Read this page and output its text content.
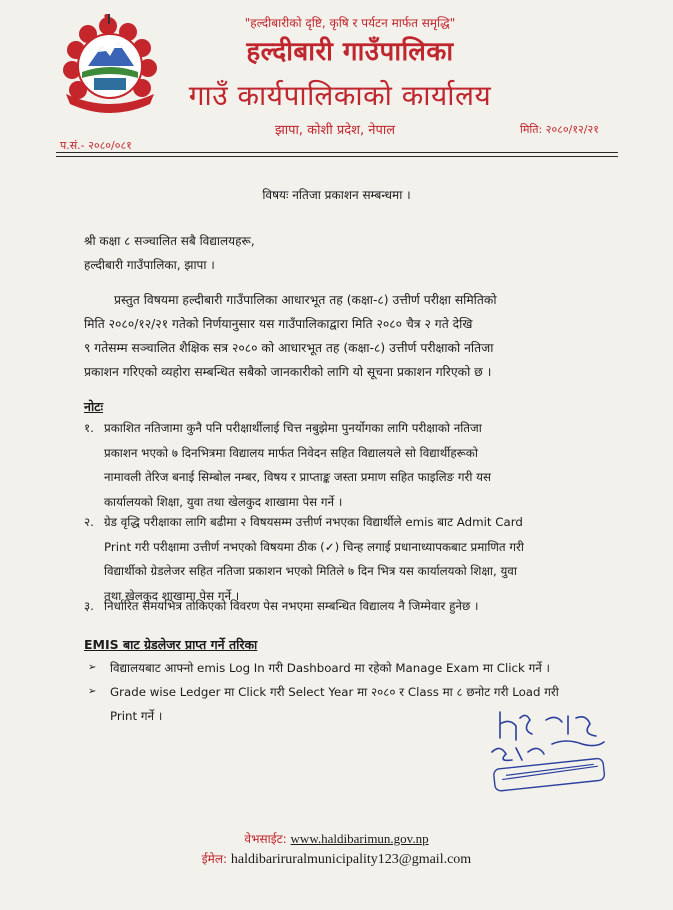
"हल्दीबारीको दृष्टि, कृषि र पर्यटन मार्फत समृद्धि"
हल्दीबारी गाउँपालिका
गाउँ कार्यपालिकाको कार्यालय
झापा, कोशी प्रदेश, नेपाल
प.सं.- २०८०/०८१
मिति: २०८०/१२/२१
विषयः नतिजा प्रकाशन सम्बन्धमा ।
श्री कक्षा ८ सञ्चालित सबै विद्यालयहरू,
हल्दीबारी गाउँपालिका, झापा ।
प्रस्तुत विषयमा हल्दीबारी गाउँपालिका आधारभूत तह (कक्षा-८) उत्तीर्ण परीक्षा समितिको
मिति २०८०/१२/२१ गतेको निर्णयानुसार यस गाउँपालिकाद्वारा मिति २०८० चैत्र २ गते देखि
९ गतेसम्म सञ्चालित शैक्षिक सत्र २०८० को आधारभूत तह (कक्षा-८) उत्तीर्ण परीक्षाको नतिजा
प्रकाशन गरिएको व्यहोरा सम्बन्धित सबैको जानकारीको लागि यो सूचना प्रकाशन गरिएको छ ।
नोटः
१. प्रकाशित नतिजामा कुनै पनि परीक्षार्थीलाई चित्त नबुझेमा पुनर्योगका लागि परीक्षाको नतिजा
प्रकाशन भएको ७ दिनभित्रमा विद्यालय मार्फत निवेदन सहित विद्यालयले सो विद्यार्थीहरूको
नामावली तेरिज बनाई सिम्बोल नम्बर, विषय र प्राप्ताङ्क जस्ता प्रमाण सहित फाइलिङ गरी यस
कार्यालयको शिक्षा, युवा तथा खेलकुद शाखामा पेस गर्ने ।
२. ग्रेड वृद्धि परीक्षाका लागि बढीमा २ विषयसम्म उत्तीर्ण नभएका विद्यार्थीले emis बाट Admit Card
Print गरी परीक्षामा उत्तीर्ण नभएको विषयमा ठीक (✓) चिन्ह लगाई प्रधानाध्यापकबाट प्रमाणित गरी
विद्यार्थीको ग्रेडलेजर सहित नतिजा प्रकाशन भएको मितिले ७ दिन भित्र यस कार्यालयको शिक्षा, युवा
तथा खेलकुद शाखामा पेस गर्ने ।
३. निर्धारित समयभित्र तोकिएको विवरण पेस नभएमा सम्बन्धित विद्यालय नै जिम्मेवार हुनेछ ।
EMIS बाट ग्रेडलेजर प्राप्त गर्ने तरिका
➢ विद्यालयबाट आफ्नो emis Log In गरी Dashboard मा रहेको Manage Exam मा Click गर्ने ।
➢ Grade wise Ledger मा Click गरी Select Year मा २०८० र Class मा ८ छनोट गरी Load गरी
Print गर्ने ।
वेभसाईट: www.haldibarimun.gov.np
ईमेल: haldibariruralmunicipality123@gmail.com
